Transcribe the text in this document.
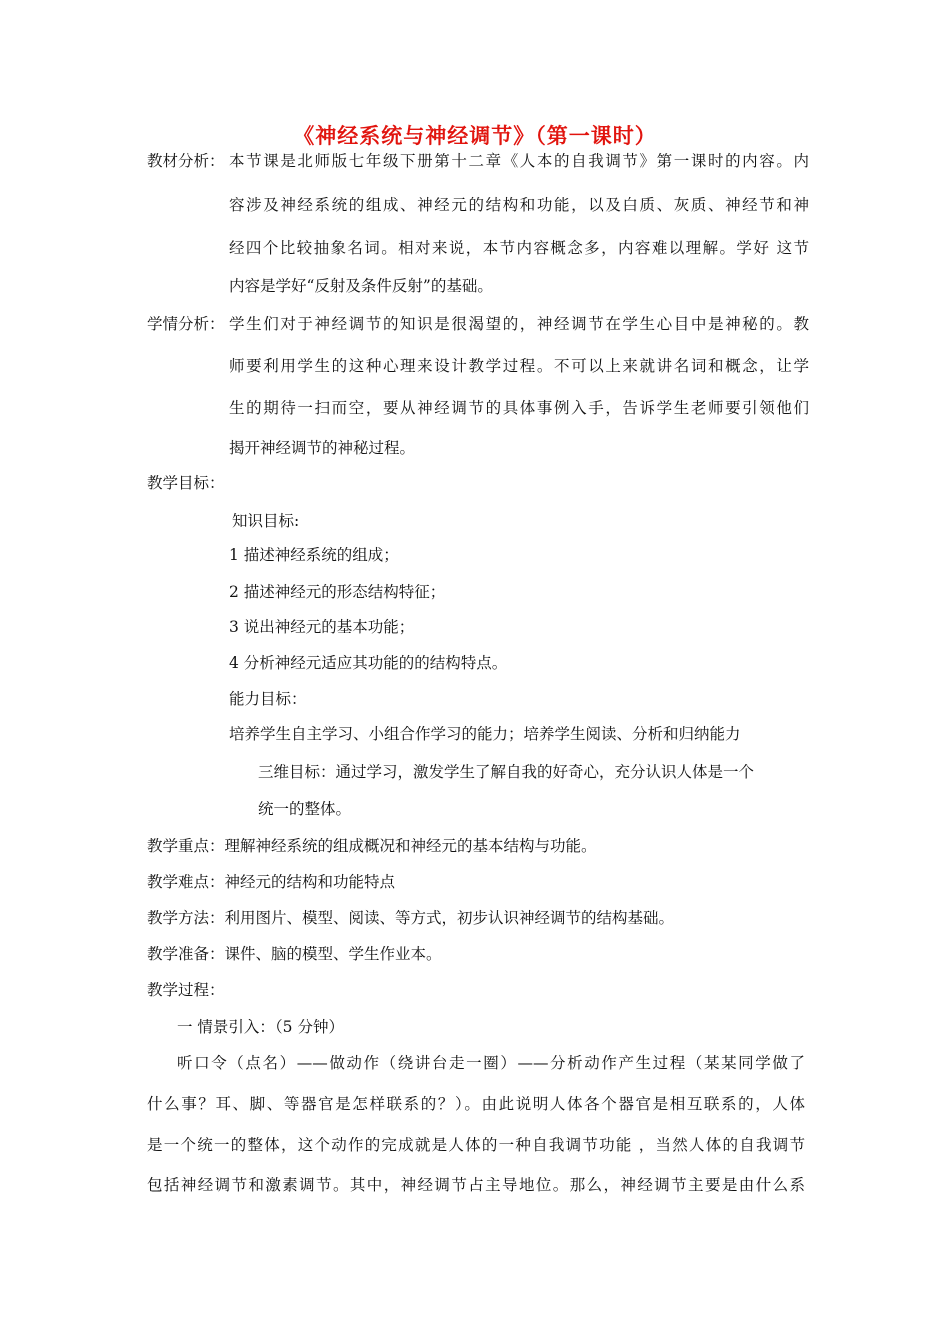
《神经系统与神经调节》（第一课时）
教材分析： 本节课是北师版七年级下册第十二章《人本的自我调节》第一课时的内容。内
容涉及神经系统的组成、神经元的结构和功能，以及白质、灰质、神经节和神
经四个比较抽象名词。相对来说，本节内容概念多，内容难以理解。学好 这节
内容是学好“反射及条件反射”的基础。
学情分析： 学生们对于神经调节的知识是很渴望的，神经调节在学生心目中是神秘的。教
师要利用学生的这种心理来设计教学过程。不可以上来就讲名词和概念，让学
生的期待一扫而空，要从神经调节的具体事例入手，告诉学生老师要引领他们
揭开神经调节的神秘过程。
教学目标：
知识目标:
1 描述神经系统的组成；
2 描述神经元的形态结构特征；
3 说出神经元的基本功能；
4 分析神经元适应其功能的的结构特点。
能力目标：
培养学生自主学习、小组合作学习的能力；培养学生阅读、分析和归纳能力
三维目标：通过学习，激发学生了解自我的好奇心，充分认识人体是一个
统一的整体。
教学重点：理解神经系统的组成概况和神经元的基本结构与功能。
教学难点：神经元的结构和功能特点
教学方法：利用图片、模型、阅读、等方式，初步认识神经调节的结构基础。
教学准备：课件、脑的模型、学生作业本。
教学过程：
一 情景引入：（5 分钟）
听口令（点名）——做动作（绕讲台走一圈）——分析动作产生过程（某某同学做了
什么事？耳、脚、等器官是怎样联系的？）。由此说明人体各个器官是相互联系的，人体
是一个统一的整体，这个动作的完成就是人体的一种自我调节功能 ，当然人体的自我调节
包括神经调节和激素调节。其中，神经调节占主导地位。那么，神经调节主要是由什么系
